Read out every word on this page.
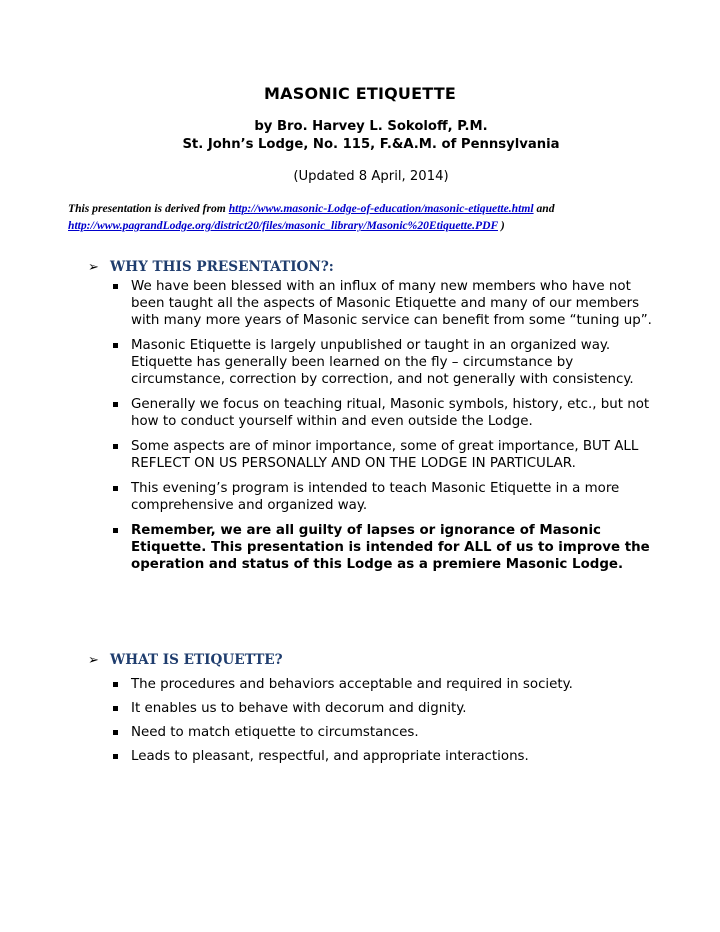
MASONIC ETIQUETTE
by Bro. Harvey L. Sokoloff, P.M.
St. John’s Lodge, No. 115, F.&A.M. of Pennsylvania
(Updated 8 April, 2014)
This presentation is derived from http://www.masonic-Lodge-of-education/masonic-etiquette.html and http://www.pagrandLodge.org/district20/files/masonic_library/Masonic%20Etiquette.PDF )
➢ WHY THIS PRESENTATION?:
We have been blessed with an influx of many new members who have not been taught all the aspects of Masonic Etiquette and many of our members with many more years of Masonic service can benefit from some “tuning up”.
Masonic Etiquette is largely unpublished or taught in an organized way. Etiquette has generally been learned on the fly – circumstance by circumstance, correction by correction, and not generally with consistency.
Generally we focus on teaching ritual, Masonic symbols, history, etc., but not how to conduct yourself within and even outside the Lodge.
Some aspects are of minor importance, some of great importance, BUT ALL REFLECT ON US PERSONALLY AND ON THE LODGE IN PARTICULAR.
This evening’s program is intended to teach Masonic Etiquette in a more comprehensive and organized way.
Remember, we are all guilty of lapses or ignorance of Masonic Etiquette. This presentation is intended for ALL of us to improve the operation and status of this Lodge as a premiere Masonic Lodge.
➢ WHAT IS ETIQUETTE?
The procedures and behaviors acceptable and required in society.
It enables us to behave with decorum and dignity.
Need to match etiquette to circumstances.
Leads to pleasant, respectful, and appropriate interactions.
